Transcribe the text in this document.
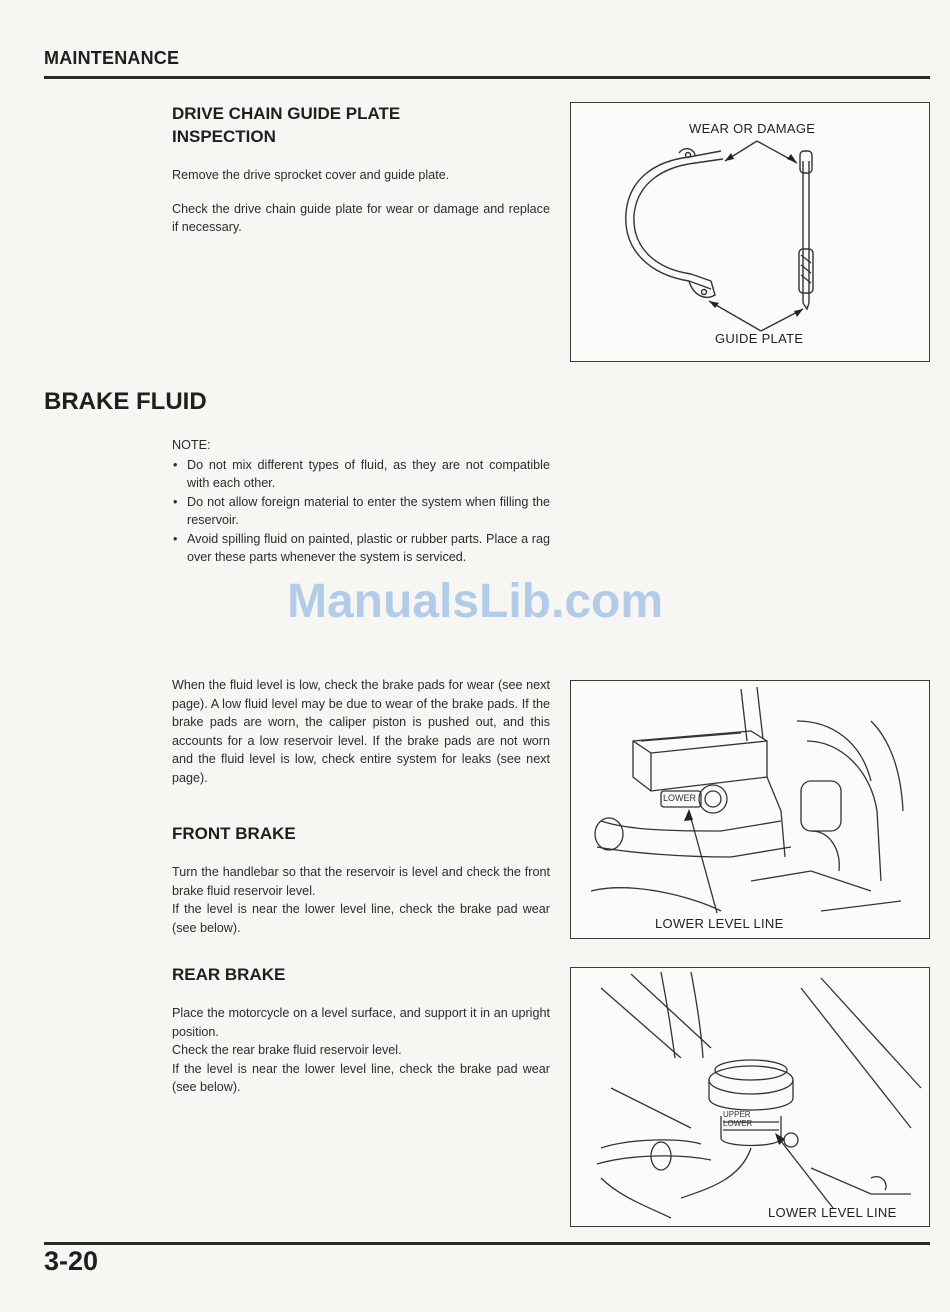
MAINTENANCE
DRIVE CHAIN GUIDE PLATE INSPECTION

Remove the drive sprocket cover and guide plate.

Check the drive chain guide plate for wear or damage and replace if necessary.

WEAR OR DAMAGE
GUIDE PLATE
BRAKE FLUID
NOTE:
• Do not mix different types of fluid, as they are not compatible with each other.
• Do not allow foreign material to enter the system when filling the reservoir.
• Avoid spilling fluid on painted, plastic or rubber parts. Place a rag over these parts whenever the system is serviced.
ManualsLib.com
When the fluid level is low, check the brake pads for wear (see next page). A low fluid level may be due to wear of the brake pads. If the brake pads are worn, the caliper piston is pushed out, and this accounts for a low reservoir level. If the brake pads are not worn and the fluid level is low, check entire system for leaks (see next page).
FRONT BRAKE
Turn the handlebar so that the reservoir is level and check the front brake fluid reservoir level.
If the level is near the lower level line, check the brake pad wear (see below).
LOWER
LOWER LEVEL LINE
REAR BRAKE
Place the motorcycle on a level surface, and support it in an upright position.
Check the rear brake fluid reservoir level.
If the level is near the lower level line, check the brake pad wear (see below).
UPPER
LOWER
LOWER LEVEL LINE
3-20
